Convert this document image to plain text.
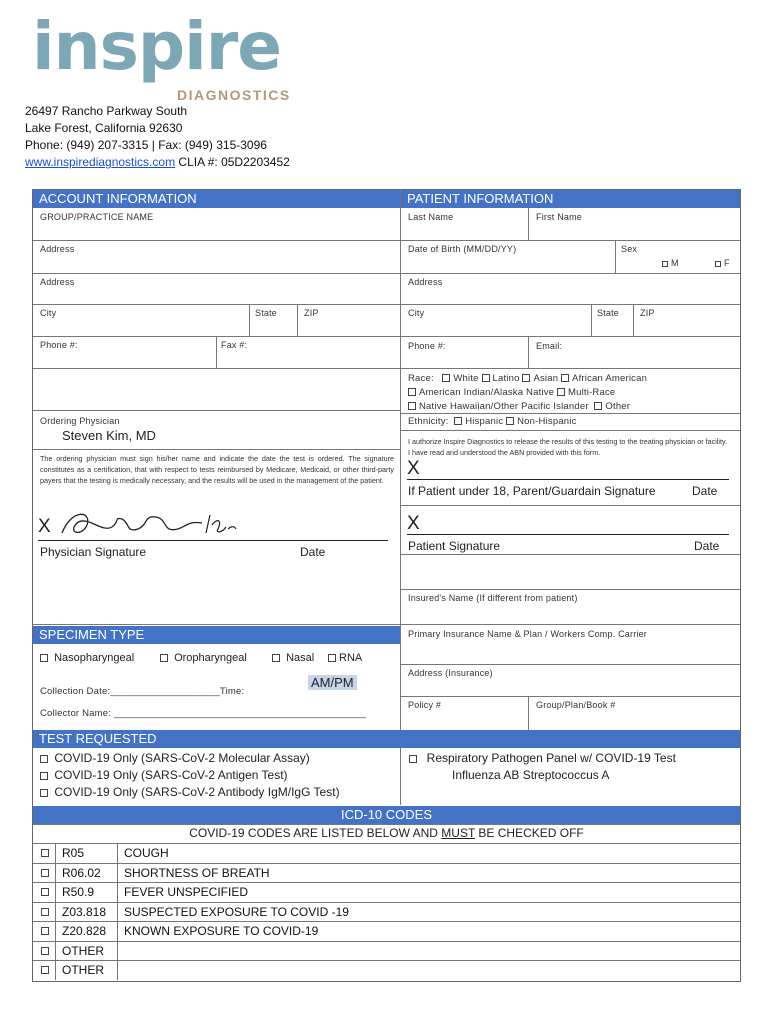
inspire
DIAGNOSTICS
26497 Rancho Parkway South
Lake Forest, California 92630
Phone: (949) 207-3315 | Fax: (949) 315-3096
www.inspirediagnostics.com CLIA #: 05D2203452
ACCOUNT INFORMATION	PATIENT INFORMATION
GROUP/PRACTICE NAME
Address
Address
City	State	ZIP
Phone #:	Fax #:
Ordering Physician
Steven Kim, MD
The ordering physician must sign his/her name and indicate the date the test is ordered. The signature constitutes as a certification, that with respect to tests reimbursed by Medicare, Medicaid, or other third-party payers that the testing is medically necessary, and the results will be used in the management of the patient.
X
Physician Signature	Date
Last Name	First Name
Date of Birth (MM/DD/YY)	Sex
M	F
Address
City	State ZIP
Phone #:	Email:
Race: White Latino Asian African American
American Indian/Alaska Native Multi-Race
Native Hawaiian/Other Pacific Islander Other
Ethnicity: Hispanic Non-Hispanic
I authorize Inspire Diagnostics to release the results of this testing to the treating physician or facility. I have read and understood the ABN provided with this form.
X
If Patient under 18, Parent/Guardain Signature	Date
X
Patient Signature	Date
Insured's Name (If different from patient)
Primary Insurance Name & Plan / Workers Comp. Carrier
Address (Insurance)
Policy #	Group/Plan/Book #
SPECIMEN TYPE
Nasopharyngeal	Oropharyngeal	Nasal	RNA
Collection Date:____________________Time:
AM/PM
Collector Name: ______________________________________________
TEST REQUESTED
COVID-19 Only (SARS-CoV-2 Molecular Assay)
COVID-19 Only (SARS-CoV-2 Antigen Test)
COVID-19 Only (SARS-CoV-2 Antibody IgM/IgG Test)
Respiratory Pathogen Panel w/ COVID-19 Test
Influenza AB Streptococcus A
ICD-10 CODES
COVID-19 CODES ARE LISTED BELOW AND MUST BE CHECKED OFF
R05	COUGH
R06.02 SHORTNESS OF BREATH
R50.9 FEVER UNSPECIFIED
Z03.818 SUSPECTED EXPOSURE TO COVID -19
Z20.828 KNOWN EXPOSURE TO COVID-19
OTHER
OTHER
